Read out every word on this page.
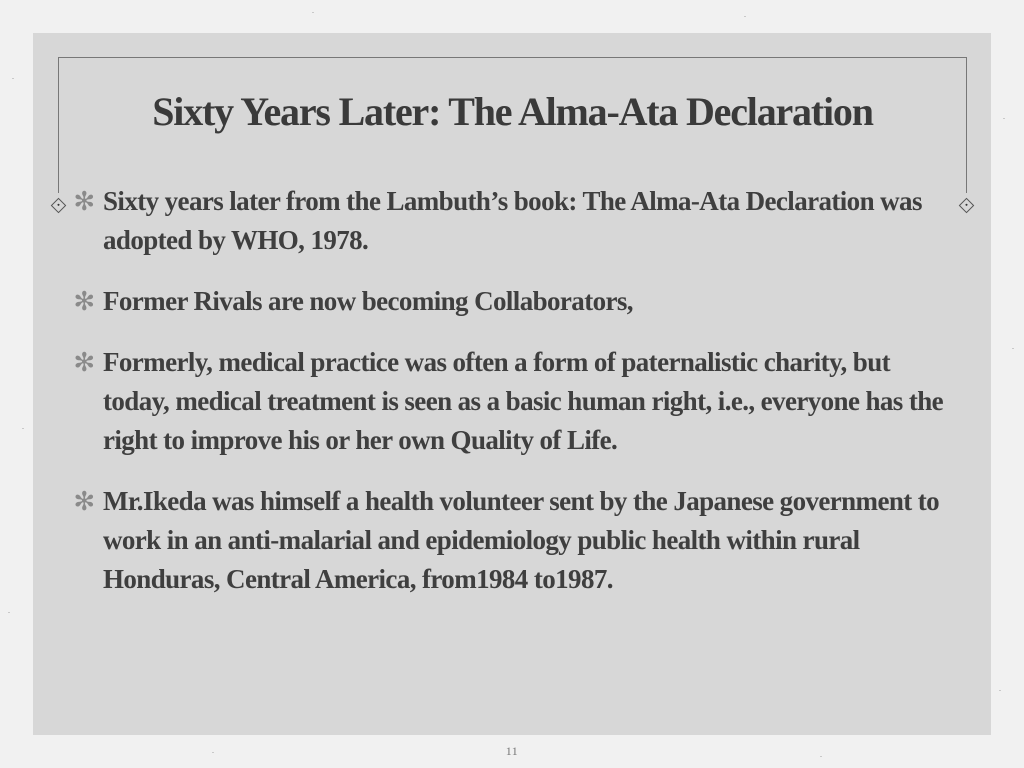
Sixty Years Later: The Alma-Ata Declaration
✻ Sixty years later from the Lambuth’s book: The Alma-Ata Declaration was adopted by WHO, 1978.
✻ Former Rivals are now becoming Collaborators,
✻ Formerly, medical practice was often a form of paternalistic charity, but today, medical treatment is seen as a basic human right, i.e., everyone has the right to improve his or her own Quality of Life.
✻ Mr.Ikeda was himself a health volunteer sent by the Japanese government to work in an anti-malarial and epidemiology public health within rural Honduras, Central America, from1984 to1987.
11
